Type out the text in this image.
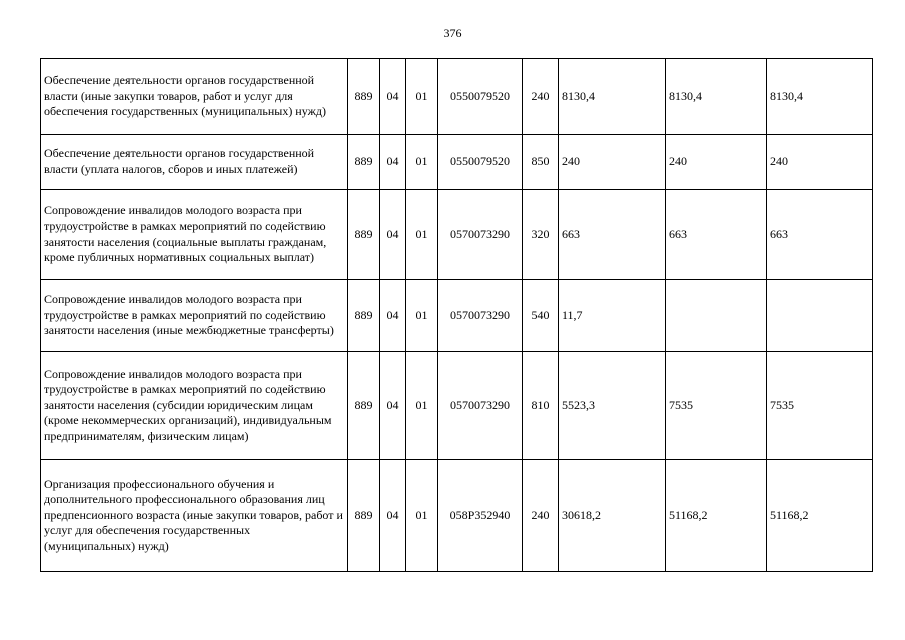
376
Обеспечение деятельности органов государственной власти (иные закупки товаров, работ и услуг для обеспечения государственных (муниципальных) нужд)	889	04	01	0550079520	240	8130,4	8130,4	8130,4
Обеспечение деятельности органов государственной власти (уплата налогов, сборов и иных платежей)	889	04	01	0550079520	850	240	240	240
Сопровождение инвалидов молодого возраста при трудоустройстве в рамках мероприятий по содействию занятости населения (социальные выплаты гражданам, кроме публичных нормативных социальных выплат)	889	04	01	0570073290	320	663	663	663
Сопровождение инвалидов молодого возраста при трудоустройстве в рамках мероприятий по содействию занятости населения (иные межбюджетные трансферты)	889	04	01	0570073290	540	11,7		
Сопровождение инвалидов молодого возраста при трудоустройстве в рамках мероприятий по содействию занятости населения (субсидии юридическим лицам (кроме некоммерческих организаций), индивидуальным предпринимателям, физическим лицам)	889	04	01	0570073290	810	5523,3	7535	7535
Организация профессионального обучения и дополнительного профессионального образования лиц предпенсионного возраста (иные закупки товаров, работ и услуг для обеспечения государственных (муниципальных) нужд)	889	04	01	058P352940	240	30618,2	51168,2	51168,2
